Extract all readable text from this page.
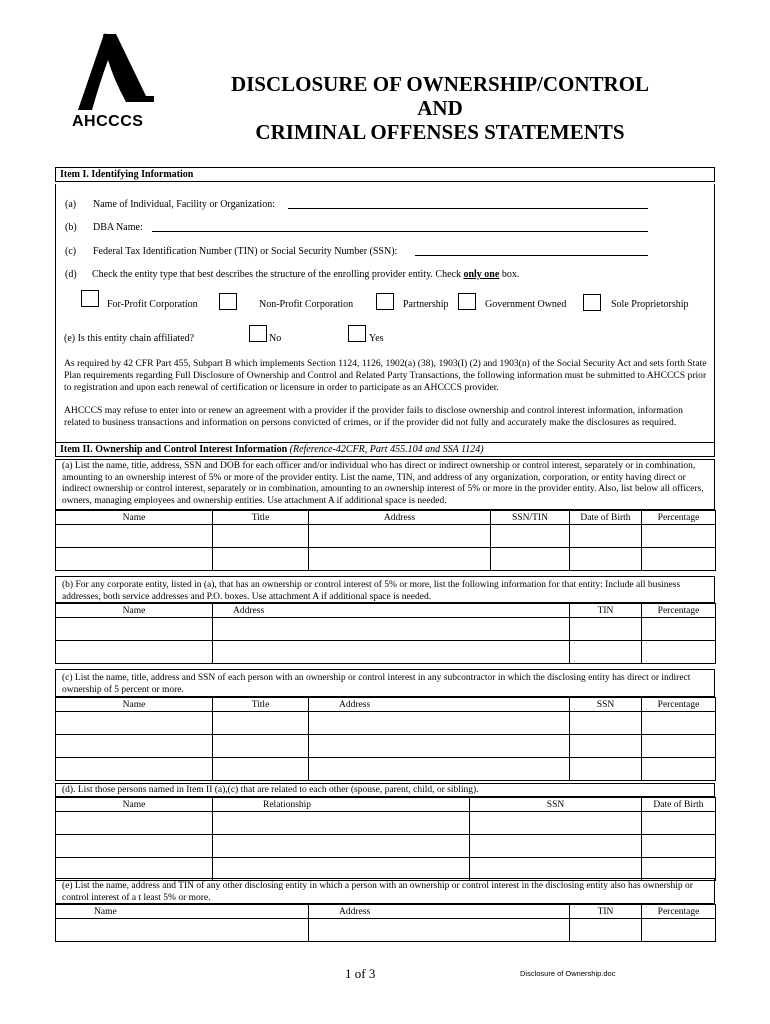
AHCCCS
DISCLOSURE OF OWNERSHIP/CONTROL
AND
CRIMINAL OFFENSES STATEMENTS
Item I. Identifying Information
(a) Name of Individual, Facility or Organization:
(b) DBA Name:
(c) Federal Tax Identification Number (TIN) or Social Security Number (SSN):
(d) Check the entity type that best describes the structure of the enrolling provider entity. Check only one box.
For-Profit Corporation	Non-Profit Corporation	Partnership	Government Owned	Sole Proprietorship
(e) Is this entity chain affiliated?	No	Yes
As required by 42 CFR Part 455, Subpart B which implements Section 1124, 1126, 1902(a) (38), 1903(I) (2) and 1903(n) of the Social Security Act and sets forth State Plan requirements regarding Full Disclosure of Ownership and Control and Related Party Transactions, the following information must be submitted to AHCCCS prior to registration and upon each renewal of certification or licensure in order to participate as an AHCCCS provider.
AHCCCS may refuse to enter into or renew an agreement with a provider if the provider fails to disclose ownership and control interest information, information related to business transactions and information on persons convicted of crimes, or if the provider did not fully and accurately make the disclosures as required.
Item II. Ownership and Control Interest Information (Reference-42CFR, Part 455.104 and SSA 1124)
(a) List the name, title, address, SSN and DOB for each officer and/or individual who has direct or indirect ownership or control interest, separately or in combination, amounting to an ownership interest of 5% or more of the provider entity. List the name, TIN, and address of any organization, corporation, or entity having direct or indirect ownership or control interest, separately or in combination, amounting to an ownership interest of 5% or more in the provider entity. Also, list below all officers, owners, managing employees and ownership entities. Use attachment A if additional space is needed.
Name	Title	Address	SSN/TIN	Date of Birth	Percentage

(b) For any corporate entity, listed in (a), that has an ownership or control interest of 5% or more, list the following information for that entity: Include all business addresses, both service addresses and P.O. boxes. Use attachment A if additional space is needed.
Name	Address	TIN	Percentage

(c) List the name, title, address and SSN of each person with an ownership or control interest in any subcontractor in which the disclosing entity has direct or indirect ownership of 5 percent or more.
Name	Title	Address	SSN	Percentage

(d). List those persons named in Item II (a),(c) that are related to each other (spouse, parent, child, or sibling).
Name	Relationship	SSN	Date of Birth

(e) List the name, address and TIN of any other disclosing entity in which a person with an ownership or control interest in the disclosing entity also has ownership or control interest of a t least 5% or more.
Name	Address	TIN	Percentage

1 of 3	Disclosure of Ownership.doc
